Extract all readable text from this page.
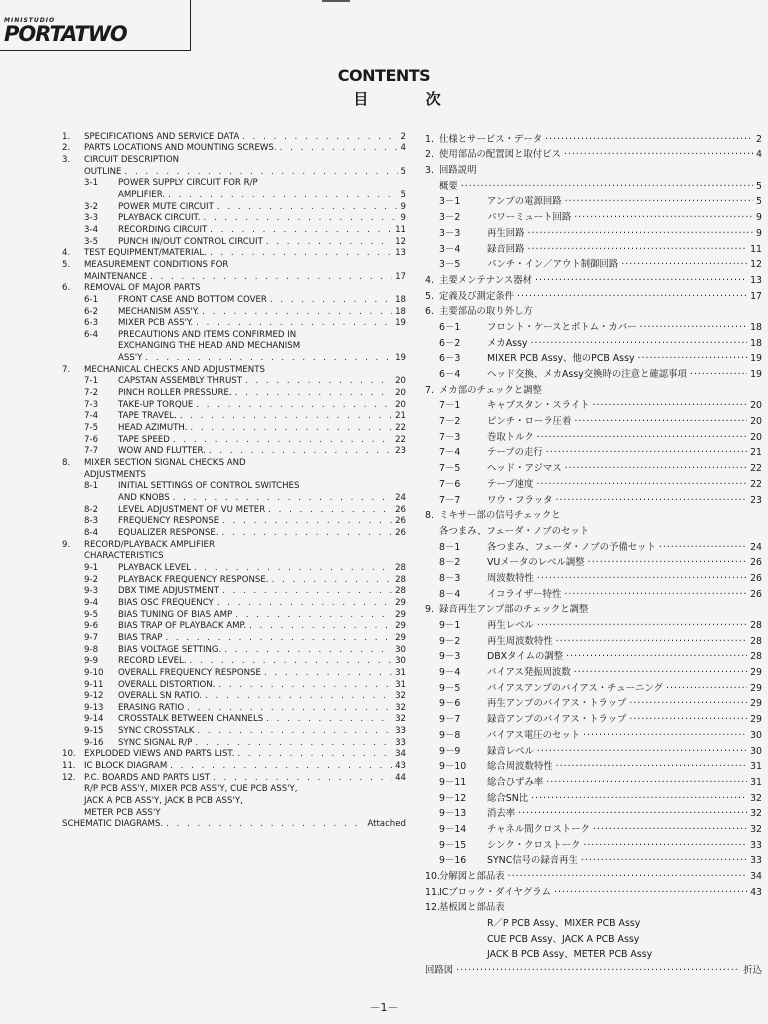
MINISTUDIO
PORTATWO
CONTENTS
目 次
1.	SPECIFICATIONS AND SERVICE DATA . . .	2
2.	PARTS LOCATIONS AND MOUNTING SCREWS. . . .	4
3.	CIRCUIT DESCRIPTION
OUTLINE . . .	5
3-1	POWER SUPPLY CIRCUIT FOR R/P
AMPLIFIER. . . .	5
3-2	POWER MUTE CIRCUIT . . .	9
3-3	PLAYBACK CIRCUIT. . . .	9
3-4	RECORDING CIRCUIT . . .	11
3-5	PUNCH IN/OUT CONTROL CIRCUIT . . .	12
4.	TEST EQUIPMENT/MATERIAL. . . .	13
5.	MEASUREMENT CONDITIONS FOR
MAINTENANCE . . .	17
6.	REMOVAL OF MAJOR PARTS
6-1	FRONT CASE AND BOTTOM COVER . . .	18
6-2	MECHANISM ASS'Y. . . .	18
6-3	MIXER PCB ASS'Y. . . .	19
6-4	PRECAUTIONS AND ITEMS CONFIRMED IN
EXCHANGING THE HEAD AND MECHANISM
ASS'Y . . .	19
7.	MECHANICAL CHECKS AND ADJUSTMENTS
7-1	CAPSTAN ASSEMBLY THRUST . . .	20
7-2	PINCH ROLLER PRESSURE. . . .	20
7-3	TAKE-UP TORQUE . . .	20
7-4	TAPE TRAVEL. . . .	21
7-5	HEAD AZIMUTH. . . .	22
7-6	TAPE SPEED . . .	22
7-7	WOW AND FLUTTER. . . .	23
8.	MIXER SECTION SIGNAL CHECKS AND
ADJUSTMENTS
8-1	INITIAL SETTINGS OF CONTROL SWITCHES
AND KNOBS . . .	24
8-2	LEVEL ADJUSTMENT OF VU METER . . .	26
8-3	FREQUENCY RESPONSE . . .	26
8-4	EQUALIZER RESPONSE. . . .	26
9.	RECORD/PLAYBACK AMPLIFIER
CHARACTERISTICS
9-1	PLAYBACK LEVEL . . .	28
9-2	PLAYBACK FREQUENCY RESPONSE. . . .	28
9-3	DBX TIME ADJUSTMENT . . .	28
9-4	BIAS OSC FREQUENCY . . .	29
9-5	BIAS TUNING OF BIAS AMP . . .	29
9-6	BIAS TRAP OF PLAYBACK AMP. . . .	29
9-7	BIAS TRAP . . .	29
9-8	BIAS VOLTAGE SETTING. . . .	30
9-9	RECORD LEVEL. . . .	30
9-10	OVERALL FREQUENCY RESPONSE . . .	31
9-11	OVERALL DISTORTION. . . .	31
9-12	OVERALL SN RATIO. . . .	32
9-13	ERASING RATIO . . .	32
9-14	CROSSTALK BETWEEN CHANNELS . . .	32
9-15	SYNC CROSSTALK . . .	33
9-16	SYNC SIGNAL R/P . . .	33
10. EXPLODED VIEWS AND PARTS LIST. . . .	34
11. IC BLOCK DIAGRAM . . .	43
12. P.C. BOARDS AND PARTS LIST . . .	44
R/P PCB ASS'Y, MIXER PCB ASS'Y, CUE PCB ASS'Y,
JACK A PCB ASS'Y, JACK B PCB ASS'Y,
METER PCB ASS'Y
SCHEMATIC DIAGRAMS. . . .	Attached
1. 仕様とサービス・データ ·····	2
2. 使用部品の配置図と取付ビス ·····	4
3. 回路説明
概要 ·····	5
3－1	アンプの電源回路 ·····	5
3－2	パワーミュート回路 ·····	9
3－3	再生回路 ·····	9
3－4	録音回路 ·····	11
3－5	パンチ・イン／アウト制御回路 ·····	12
4. 主要メンテナンス器材 ·····	13
5. 定義及び測定条件 ·····	17
6. 主要部品の取り外し方
6－1	フロント・ケースとボトム・カバー ·····	18
6－2	メカAssy ·····	18
6－3	MIXER PCB Assy、他のPCB Assy ·····	19
6－4	ヘッド交換、メカAssy交換時の注意と確認事項 ·····	19
7. メカ部のチェックと調整
7－1	キャプスタン・スライト ·····	20
7－2	ピンチ・ローラ圧着 ·····	20
7－3	巻取トルク ·····	20
7－4	テープの走行 ·····	21
7－5	ヘッド・アジマス ·····	22
7－6	テープ速度 ·····	22
7－7	ワウ・フラッタ ·····	23
8. ミキサー部の信号チェックと
各つまみ、フェーダ・ノブのセット
8－1	各つまみ、フェーダ・ノブの予備セット ·····	24
8－2	VUメータのレベル調整 ·····	26
8－3	周波数特性 ·····	26
8－4	イコライザー特性 ·····	26
9. 録音再生アンプ部のチェックと調整
9－1	再生レベル ·····	28
9－2	再生周波数特性 ·····	28
9－3	DBXタイムの調整 ·····	28
9－4	バイアス発振周波数 ·····	29
9－5	バイアスアンプのバイアス・チューニング ·····	29
9－6	再生アンプのバイアス・トラップ ·····	29
9－7	録音アンプのバイアス・トラップ ·····	29
9－8	バイアス電圧のセット ·····	30
9－9	録音レベル ·····	30
9－10	総合周波数特性 ·····	31
9－11	総合ひずみ率 ·····	31
9－12	総合SN比 ·····	32
9－13	消去率 ·····	32
9－14	チャネル間クロストーク ·····	32
9－15	シンク・クロストーク ·····	33
9－16	SYNC信号の録音再生 ·····	33
10. 分解図と部品表 ·····	34
11. ICブロック・ダイヤグラム ·····	43
12. 基板図と部品表
R／P PCB Assy、MIXER PCB Assy
CUE PCB Assy、JACK A PCB Assy
JACK B PCB Assy、METER PCB Assy
回路図 ·····	折込
－1－
